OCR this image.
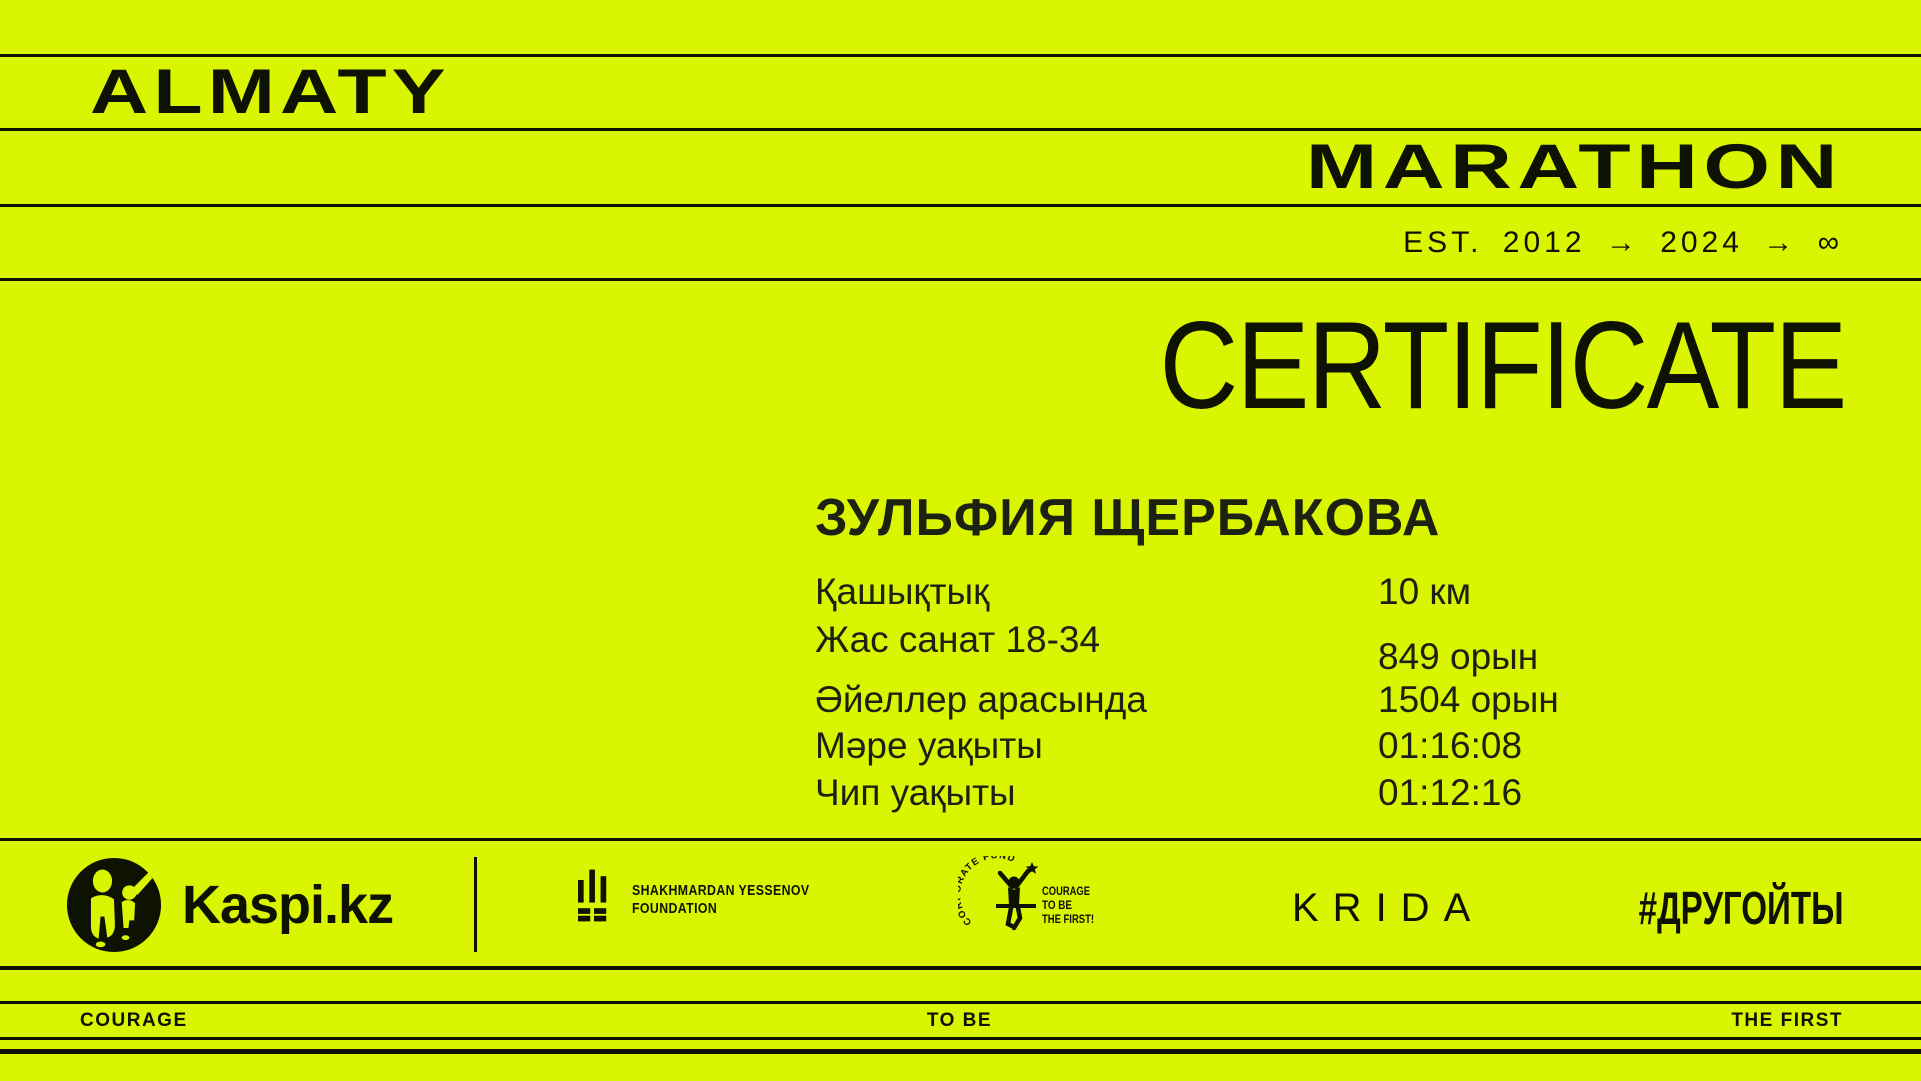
ALMATY
MARATHON
EST. 2012 → 2024 → ∞
CERTIFICATE
ЗУЛЬФИЯ ЩЕРБАКОВА
Қашықтық	10 км
Жас санат 18-34	849 орын
Әйеллер арасында	1504 орын
Мәре уақыты	01:16:08
Чип уақыты	01:12:16
Kaspi.kz	SHAKHMARDAN YESSENOV
FOUNDATION
C ATE F ND
COURAGE
TO BE
THE FIRST!	KRIDA	#ДРУГОЙТЫ
COURAGE	TO BE	THE FIRST
